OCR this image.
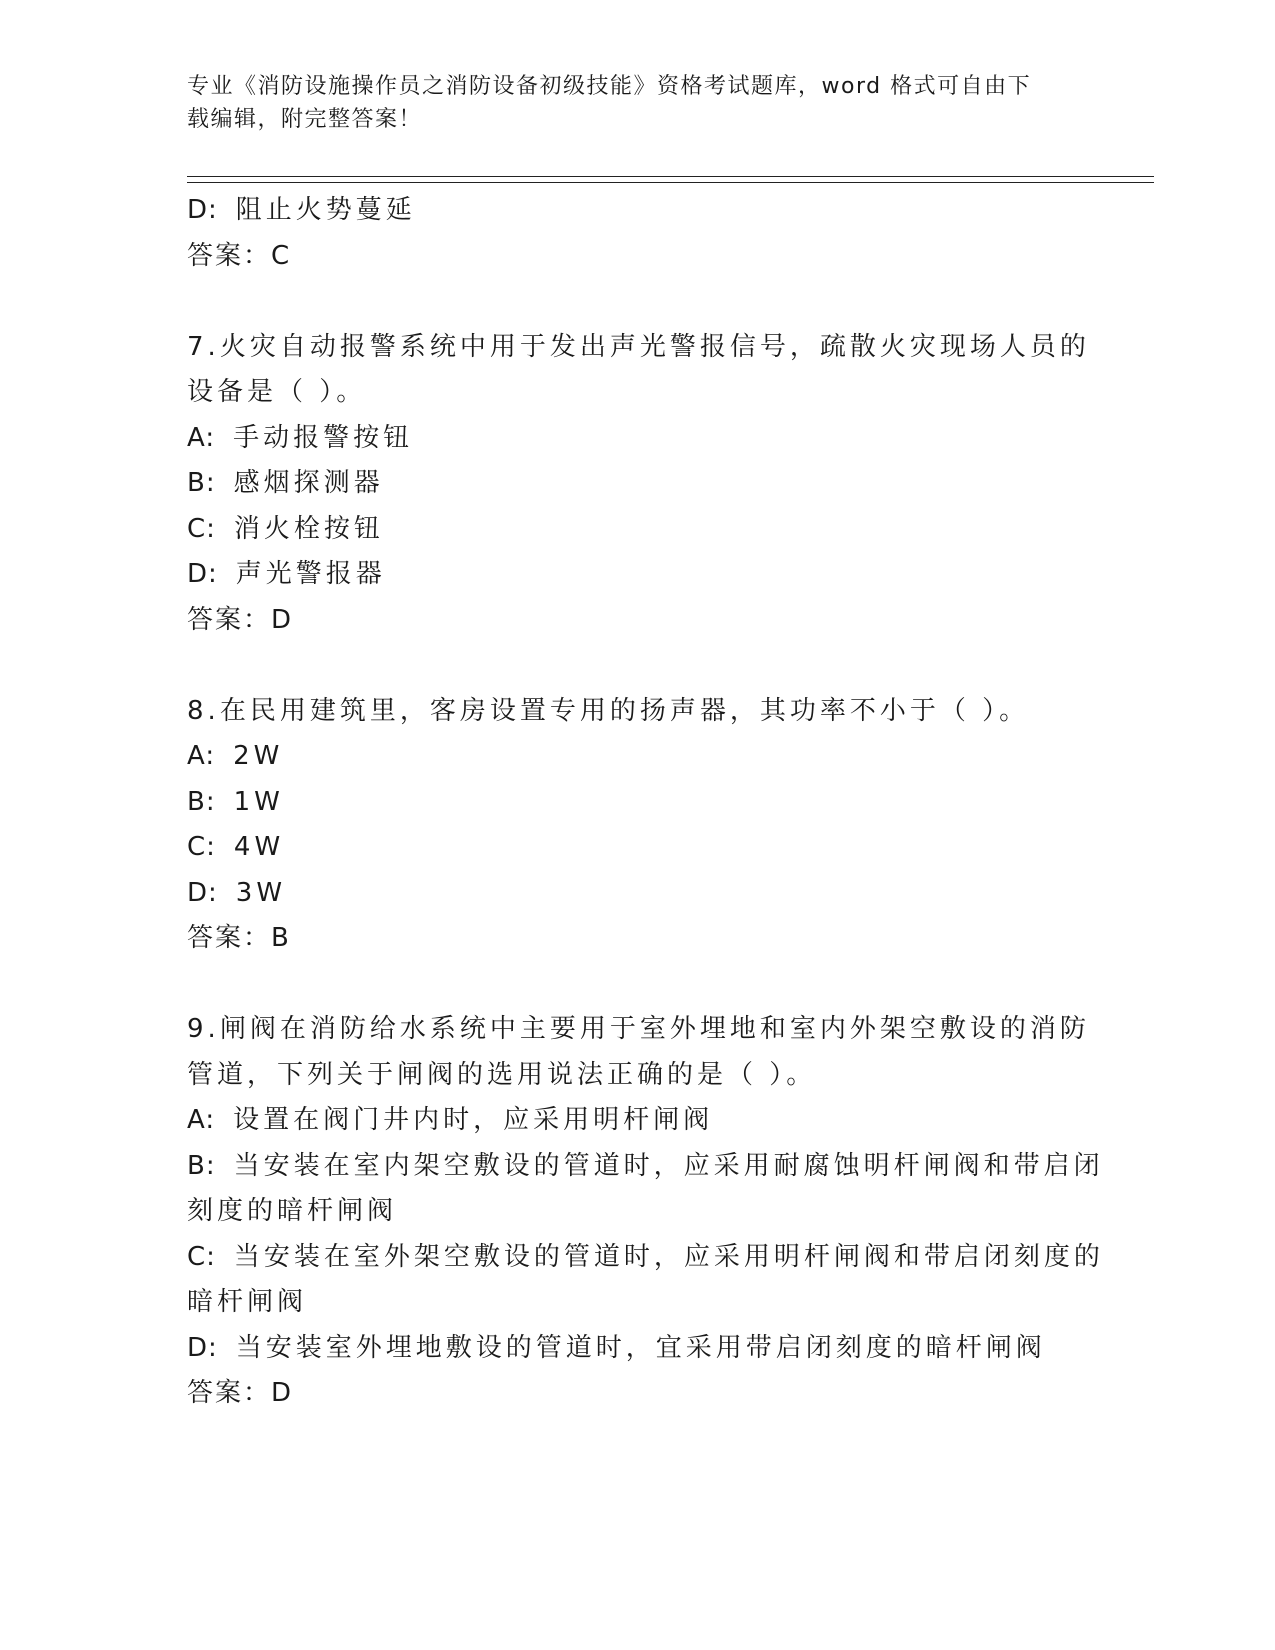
专业《消防设施操作员之消防设备初级技能》资格考试题库，word 格式可自由下
载编辑，附完整答案！
D: 阻止火势蔓延
答案：C
7.火灾自动报警系统中用于发出声光警报信号，疏散火灾现场人员的
设备是（ ）。
A: 手动报警按钮
B: 感烟探测器
C: 消火栓按钮
D: 声光警报器
答案：D
8.在民用建筑里，客房设置专用的扬声器，其功率不小于（ ）。
A: 2W
B: 1W
C: 4W
D: 3W
答案：B
9.闸阀在消防给水系统中主要用于室外埋地和室内外架空敷设的消防
管道，下列关于闸阀的选用说法正确的是（ ）。
A: 设置在阀门井内时，应采用明杆闸阀
B: 当安装在室内架空敷设的管道时，应采用耐腐蚀明杆闸阀和带启闭
刻度的暗杆闸阀
C: 当安装在室外架空敷设的管道时，应采用明杆闸阀和带启闭刻度的
暗杆闸阀
D: 当安装室外埋地敷设的管道时，宜采用带启闭刻度的暗杆闸阀
答案：D
